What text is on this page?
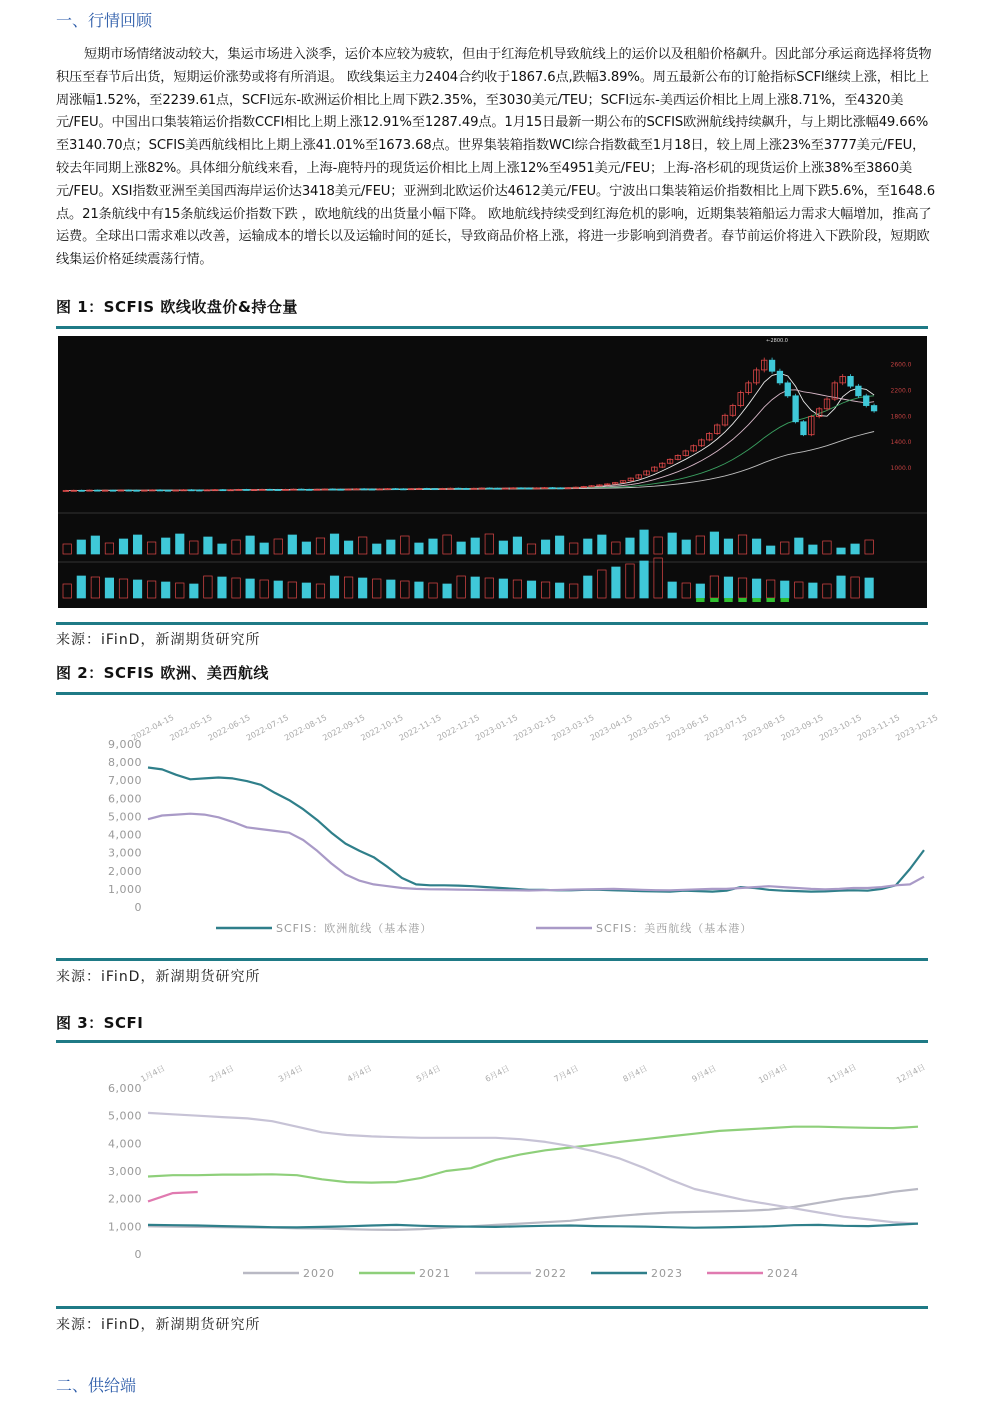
一、行情回顾
短期市场情绪波动较大，集运市场进入淡季，运价本应较为疲软，但由于红海危机导致航线上的运价以及租船价格飙升。因此部分承运商选择将货物积压至春节后出货，短期运价涨势或将有所消退。 欧线集运主力2404合约收于1867.6点,跌幅3.89%。周五最新公布的订舱指标SCFI继续上涨，相比上周涨幅1.52%，至2239.61点，SCFI远东-欧洲运价相比上周下跌2.35%，至3030美元/TEU；SCFI远东-美西运价相比上周上涨8.71%，至4320美元/FEU。中国出口集装箱运价指数CCFI相比上期上涨12.91%至1287.49点。1月15日最新一期公布的SCFIS欧洲航线持续飙升，与上期比涨幅49.66%至3140.70点；SCFIS美西航线相比上期上涨41.01%至1673.68点。世界集装箱指数WCI综合指数截至1月18日，较上周上涨23%至3777美元/FEU，较去年同期上涨82%。具体细分航线来看，上海-鹿特丹的现货运价相比上周上涨12%至4951美元/FEU；上海-洛杉矶的现货运价上涨38%至3860美元/FEU。XSI指数亚洲至美国西海岸运价达3418美元/FEU；亚洲到北欧运价达4612美元/FEU。宁波出口集装箱运价指数相比上周下跌5.6%，至1648.6点。21条航线中有15条航线运价指数下跌 ，欧地航线的出货量小幅下降。 欧地航线持续受到红海危机的影响，近期集装箱船运力需求大幅增加，推高了运费。全球出口需求难以改善，运输成本的增长以及运输时间的延长，导致商品价格上涨，将进一步影响到消费者。春节前运价将进入下跌阶段，短期欧线集运价格延续震荡行情。
图 1：SCFIS 欧线收盘价&持仓量
2600.0
2200.0
1800.0
1400.0
1000.0
←2800.0
来源：iFinD，新湖期货研究所
图 2：SCFIS 欧洲、美西航线
9,000
8,000
7,000
6,000
5,000
4,000
3,000
2,000
1,000
0
2022-04-15
2022-05-15
2022-06-15
2022-07-15
2022-08-15
2022-09-15
2022-10-15
2022-11-15
2022-12-15
2023-01-15
2023-02-15
2023-03-15
2023-04-15
2023-05-15
2023-06-15
2023-07-15
2023-08-15
2023-09-15
2023-10-15
2023-11-15
2023-12-15
SCFIS：欧洲航线（基本港）	SCFIS：美西航线（基本港）
来源：iFinD，新湖期货研究所
图 3：SCFI
6,000
5,000
4,000
3,000
2,000
1,000
0
1月4日	2月4日	3月4日	4月4日	5月4日	6月4日	7月4日	8月4日	9月4日	10月4日	11月4日	12月4日
2020	2021	2022	2023	2024
来源：iFinD，新湖期货研究所
二、供给端
